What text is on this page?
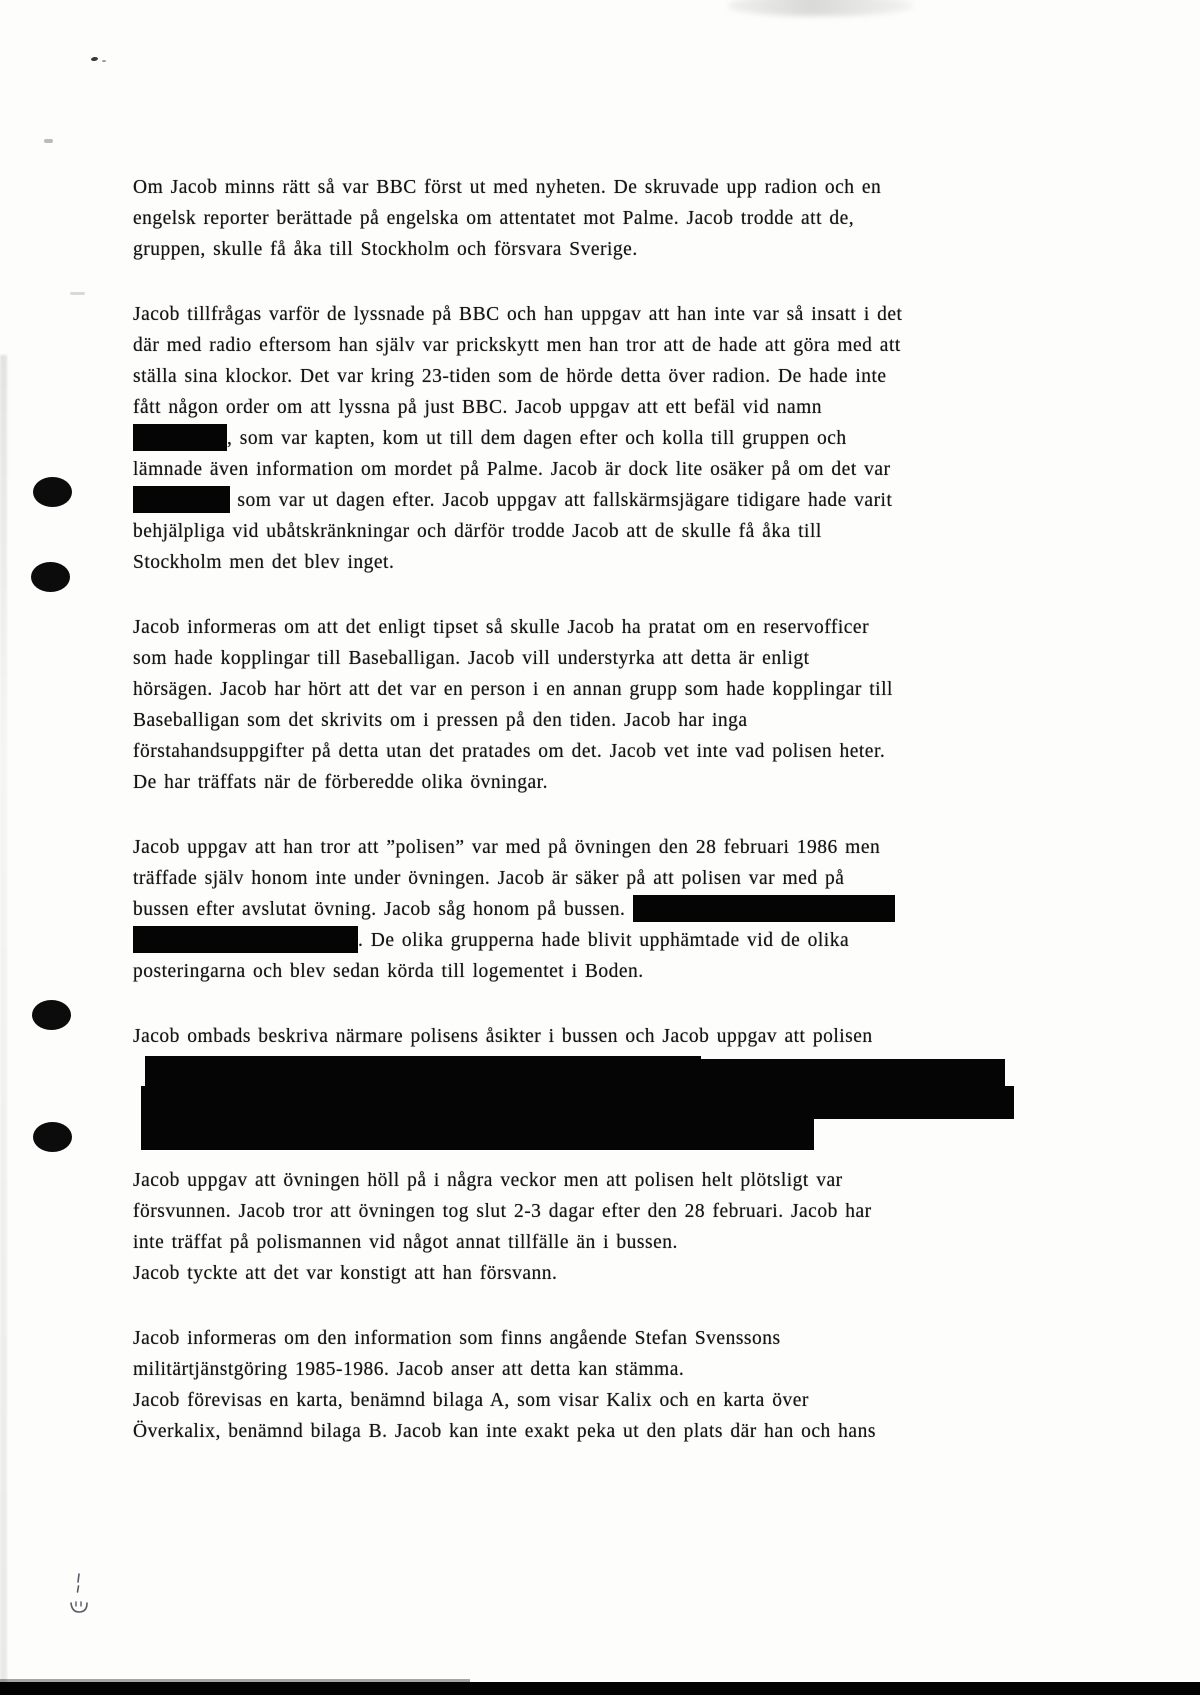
Om Jacob minns rätt så var BBC först ut med nyheten. De skruvade upp radion och en
engelsk reporter berättade på engelska om attentatet mot Palme. Jacob trodde att de,
gruppen, skulle få åka till Stockholm och försvara Sverige.

Jacob tillfrågas varför de lyssnade på BBC och han uppgav att han inte var så insatt i det
där med radio eftersom han själv var prickskytt men han tror att de hade att göra med att
ställa sina klockor. Det var kring 23-tiden som de hörde detta över radion. De hade inte
fått någon order om att lyssna på just BBC. Jacob uppgav att ett befäl vid namn
, som var kapten, kom ut till dem dagen efter och kolla till gruppen och
lämnade även information om mordet på Palme. Jacob är dock lite osäker på om det var
som var ut dagen efter. Jacob uppgav att fallskärmsjägare tidigare hade varit
behjälpliga vid ubåtskränkningar och därför trodde Jacob att de skulle få åka till
Stockholm men det blev inget.

Jacob informeras om att det enligt tipset så skulle Jacob ha pratat om en reservofficer
som hade kopplingar till Baseballigan. Jacob vill understyrka att detta är enligt
hörsägen. Jacob har hört att det var en person i en annan grupp som hade kopplingar till
Baseballigan som det skrivits om i pressen på den tiden. Jacob har inga
förstahandsuppgifter på detta utan det pratades om det. Jacob vet inte vad polisen heter.
De har träffats när de förberedde olika övningar.

Jacob uppgav att han tror att ”polisen” var med på övningen den 28 februari 1986 men
träffade själv honom inte under övningen. Jacob är säker på att polisen var med på
bussen efter avslutat övning. Jacob såg honom på bussen.
. De olika grupperna hade blivit upphämtade vid de olika
posteringarna och blev sedan körda till logementet i Boden.

Jacob ombads beskriva närmare polisens åsikter i bussen och Jacob uppgav att polisen

Jacob uppgav att övningen höll på i några veckor men att polisen helt plötsligt var
försvunnen. Jacob tror att övningen tog slut 2-3 dagar efter den 28 februari. Jacob har
inte träffat på polismannen vid något annat tillfälle än i bussen.
Jacob tyckte att det var konstigt att han försvann.

Jacob informeras om den information som finns angående Stefan Svenssons
militärtjänstgöring 1985-1986. Jacob anser att detta kan stämma.
Jacob förevisas en karta, benämnd bilaga A, som visar Kalix och en karta över
Överkalix, benämnd bilaga B. Jacob kan inte exakt peka ut den plats där han och hans
